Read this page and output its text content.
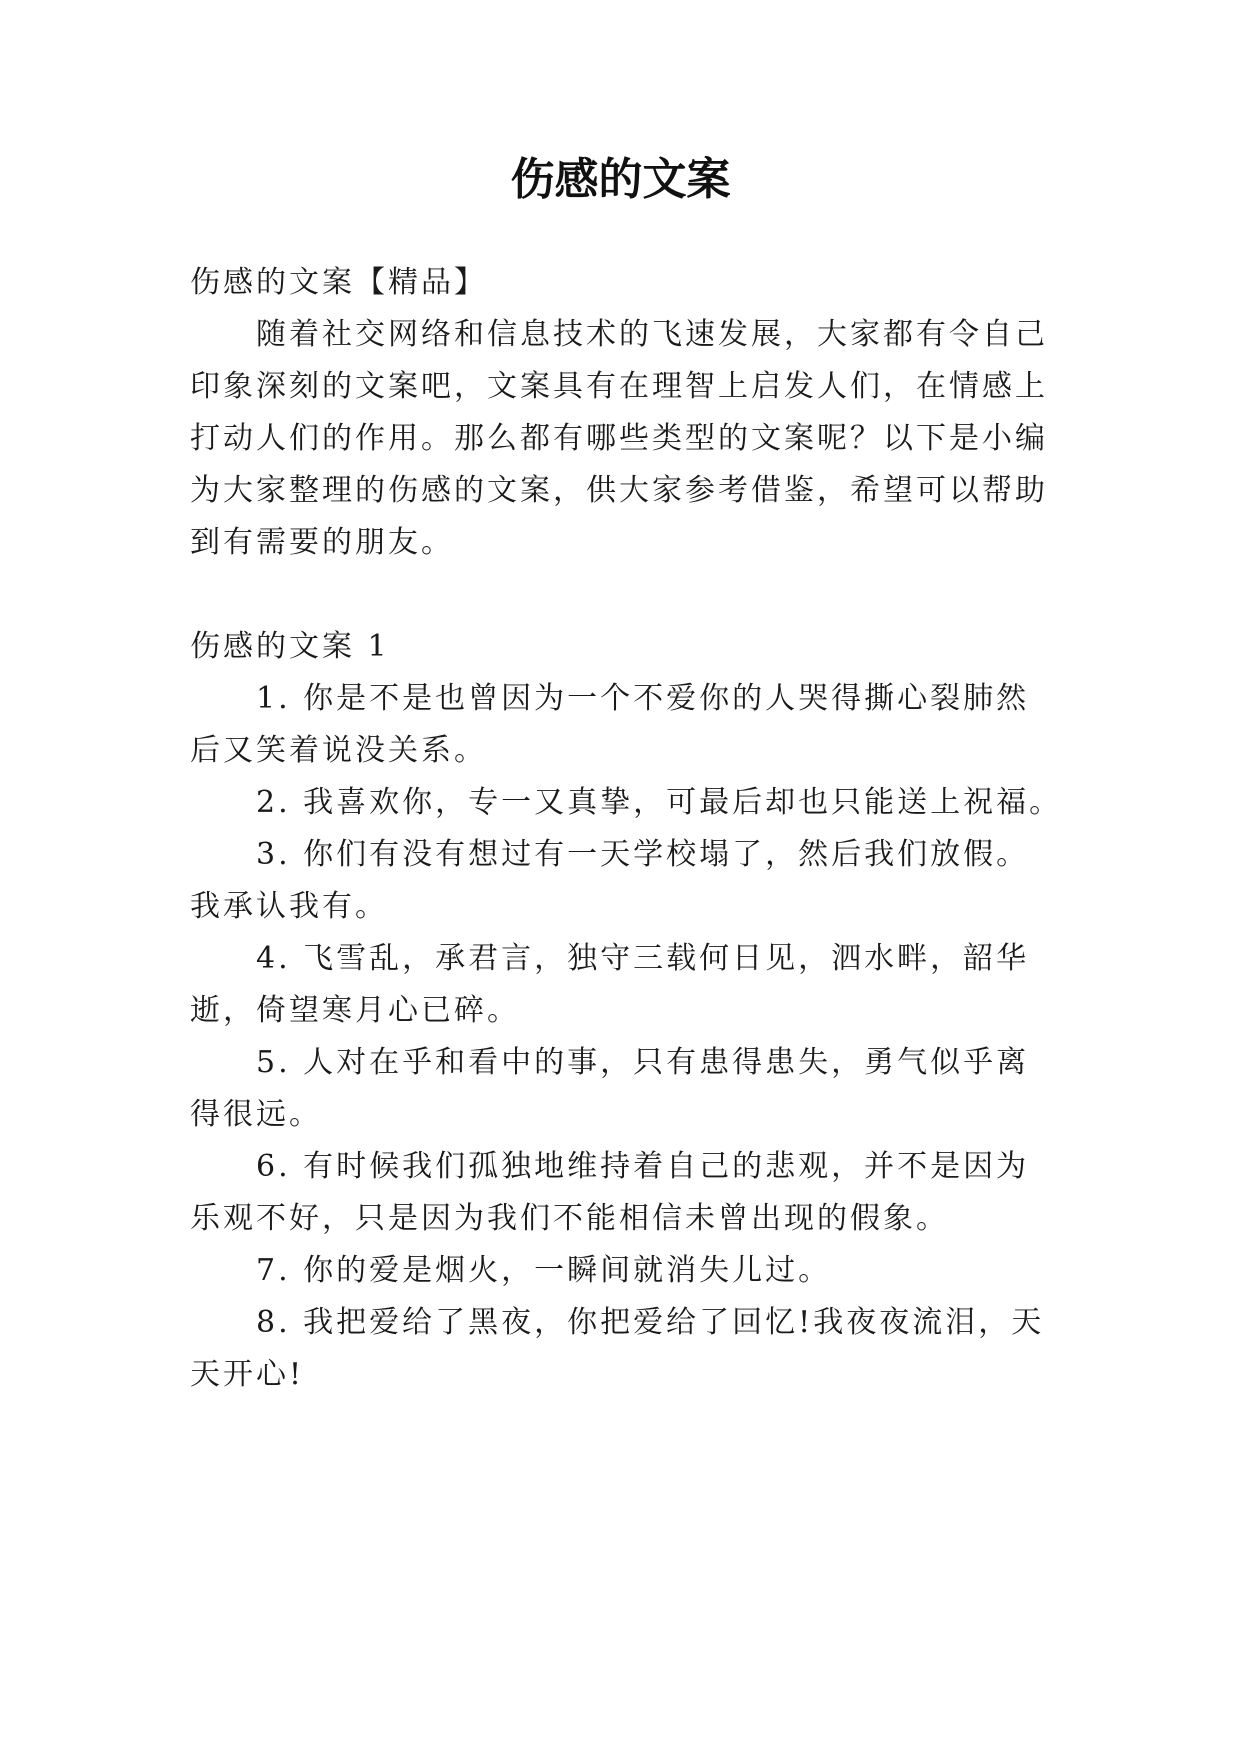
伤感的文案

伤感的文案【精品】

随着社交网络和信息技术的飞速发展，大家都有令自己

印象深刻的文案吧，文案具有在理智上启发人们，在情感上

打动人们的作用。那么都有哪些类型的文案呢？以下是小编

为大家整理的伤感的文案，供大家参考借鉴，希望可以帮助

到有需要的朋友。

伤感的文案 1

1. 你是不是也曾因为一个不爱你的人哭得撕心裂肺然

后又笑着说没关系。

2. 我喜欢你，专一又真挚，可最后却也只能送上祝福。

3. 你们有没有想过有一天学校塌了，然后我们放假。

我承认我有。

4. 飞雪乱，承君言，独守三载何日见，泗水畔，韶华

逝，倚望寒月心已碎。

5. 人对在乎和看中的事，只有患得患失，勇气似乎离

得很远。

6. 有时候我们孤独地维持着自己的悲观，并不是因为

乐观不好，只是因为我们不能相信未曾出现的假象。

7. 你的爱是烟火，一瞬间就消失儿过。

8. 我把爱给了黑夜，你把爱给了回忆!我夜夜流泪，天

天开心!
